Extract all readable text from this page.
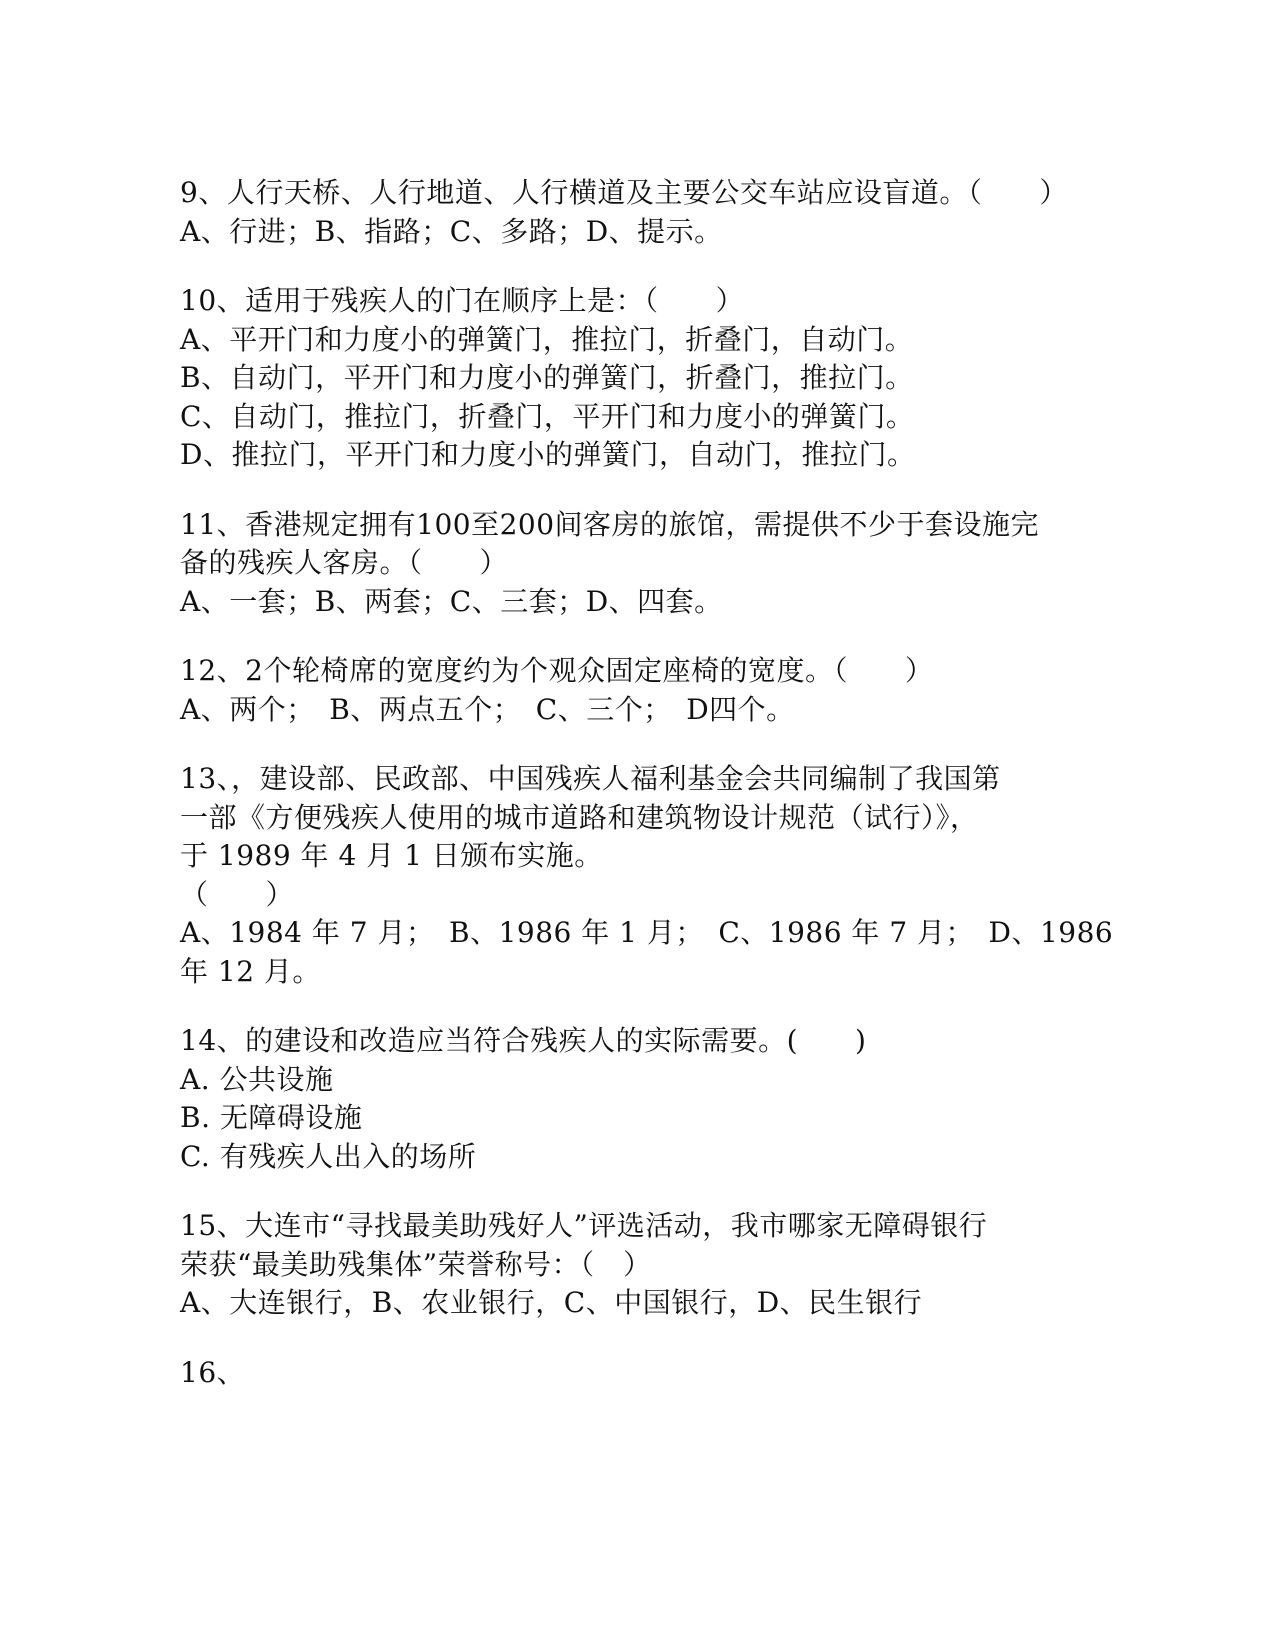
9、人行天桥、人行地道、人行横道及主要公交车站应设盲道。（　　）
A、行进；B、指路；C、多路；D、提示。
10、适用于残疾人的门在顺序上是：（　　）
A、平开门和力度小的弹簧门，推拉门，折叠门，自动门。
B、自动门，平开门和力度小的弹簧门，折叠门，推拉门。
C、自动门，推拉门，折叠门，平开门和力度小的弹簧门。
D、推拉门，平开门和力度小的弹簧门，自动门，推拉门。
11、香港规定拥有100至200间客房的旅馆，需提供不少于套设施完
备的残疾人客房。（　　）
A、一套；B、两套；C、三套；D、四套。
12、2个轮椅席的宽度约为个观众固定座椅的宽度。（　　）
A、两个；　B、两点五个；　C、三个；　D四个。
13、，建设部、民政部、中国残疾人福利基金会共同编制了我国第
一部《方便残疾人使用的城市道路和建筑物设计规范（试行）》，
于 1989 年 4 月 1 日颁布实施。
（　　）
A、1984 年 7 月；　B、1986 年 1 月；　C、1986 年 7 月；　D、1986
年 12 月。
14、的建设和改造应当符合残疾人的实际需要。(　　)
A. 公共设施
B. 无障碍设施
C. 有残疾人出入的场所
15、大连市“寻找最美助残好人”评选活动，我市哪家无障碍银行
荣获“最美助残集体”荣誉称号：（　）
A、大连银行，B、农业银行，C、中国银行，D、民生银行
16、
